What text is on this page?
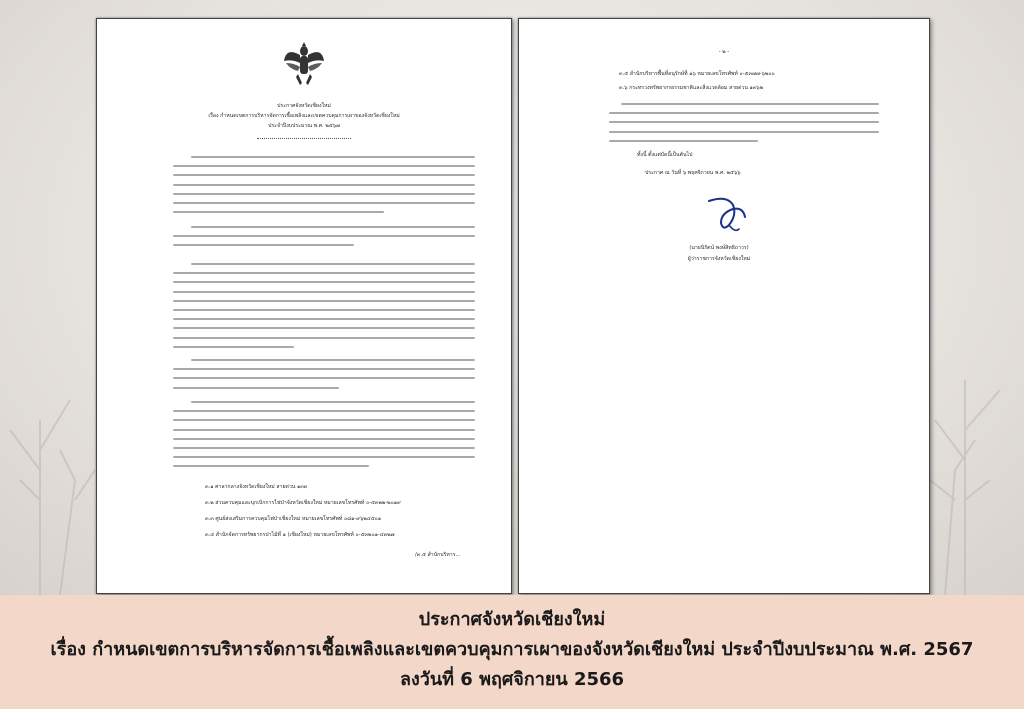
ประกาศจังหวัดเชียงใหม่
เรื่อง กำหนดเขตการบริหารจัดการเชื้อเพลิงและเขตควบคุมการเผาของจังหวัดเชียงใหม่
ประจำปีงบประมาณ พ.ศ. ๒๕๖๗
๓.๑ ศาลากลางจังหวัดเชียงใหม่ สายด่วน ๑๓๓
๓.๒ ส่วนควบคุมและบุกเบิกการไฟป่าจังหวัดเชียงใหม่ หมายเลขโทรศัพท์ ๐-๕๓๒๒-๒๐๑๙
๓.๓ ศูนย์ส่งเสริมการควบคุมไฟป่าเชียงใหม่ หมายเลขโทรศัพท์ ๐๘๑-๙๖๒๔๕๐๑
๓.๔ สำนักจัดการทรัพยากรป่าไม้ที่ ๑ (เชียงใหม่) หมายเลขโทรศัพท์ ๐-๕๓๒๐๑-๔๓๒๗
/๓.๕ สำนักบริหาร...
- ๒ -
๓.๕ สำนักบริหารพื้นที่อนุรักษ์ที่ ๑๖ หมายเลขโทรศัพท์ ๐-๕๓๗๗-๖๒๐๐
๓.๖ กระทรวงทรัพยากรธรรมชาติและสิ่งแวดล้อม สายด่วน ๑๓๖๒
ทั้งนี้ ตั้งแต่บัดนี้เป็นต้นไป
ประกาศ ณ วันที่ ๖ พฤศจิกายน พ.ศ. ๒๕๖๖
(นายนิรัตน์ พงษ์สิทธิถาวร)
ผู้ว่าราชการจังหวัดเชียงใหม่
ประกาศจังหวัดเชียงใหม่
เรื่อง กำหนดเขตการบริหารจัดการเชื้อเพลิงและเขตควบคุมการเผาของจังหวัดเชียงใหม่ ประจำปีงบประมาณ พ.ศ. 2567
ลงวันที่ 6 พฤศจิกายน 2566
